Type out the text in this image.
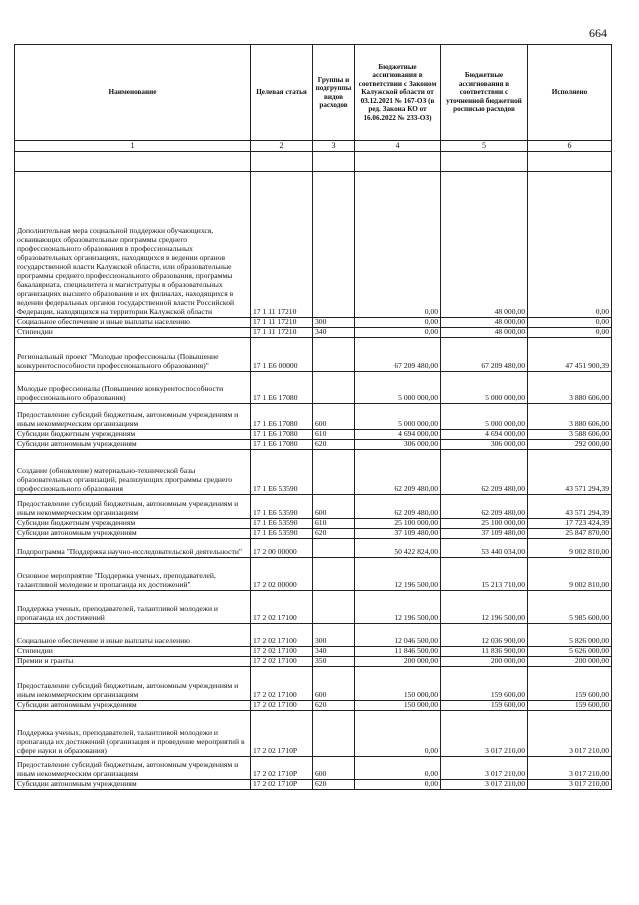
664
Наименование	Целевая статья	Группы и подгруппы видов расходов	Бюджетные ассигнования в соответствии с Законом Калужской области от 03.12.2021 № 167-ОЗ (в ред. Закона КО от 16.06.2022 № 233-ОЗ)	Бюджетные ассигнования в соответствии с уточненной бюджетной росписью расходов	Исполнено
1	2	3	4	5	6

Дополнительная мера социальной поддержки обучающихся, осваивающих образовательные программы среднего профессионального образования в профессиональных образовательных организациях, находящихся в ведении органов государственной власти Калужской области, или образовательные программы среднего профессионального образования, программы бакалавриата, специалитета и магистратуры в образовательных организациях высшего образования и их филиалах, находящихся в ведении федеральных органов государственной власти Российской Федерации, находящихся на территории Калужской области	17 1 11 17210		0,00	48 000,00	0,00
Социальное обеспечение и иные выплаты населению	17 1 11 17210	300	0,00	48 000,00	0,00
Стипендии	17 1 11 17210	340	0,00	48 000,00	0,00
Региональный проект "Молодые профессионалы (Повышение конкурентоспособности профессионального образования)"	17 1 Е6 00000		67 209 480,00	67 209 480,00	47 451 900,39
Молодые профессионалы (Повышение конкурентоспособности профессионального образования)	17 1 Е6 17080		5 000 000,00	5 000 000,00	3 880 606,00
Предоставление субсидий бюджетным, автономным учреждениям и иным некоммерческим организациям	17 1 Е6 17080	600	5 000 000,00	5 000 000,00	3 880 606,00
Субсидии бюджетным учреждениям	17 1 Е6 17080	610	4 694 000,00	4 694 000,00	3 588 606,00
Субсидии автономным учреждениям	17 1 Е6 17080	620	306 000,00	306 000,00	292 000,00
Создание (обновление) материально-технической базы образовательных организаций, реализующих программы среднего профессионального образования	17 1 Е6 53590		62 209 480,00	62 209 480,00	43 571 294,39
Предоставление субсидий бюджетным, автономным учреждениям и иным некоммерческим организациям	17 1 Е6 53590	600	62 209 480,00	62 209 480,00	43 571 294,39
Субсидии бюджетным учреждениям	17 1 Е6 53590	610	25 100 000,00	25 100 000,00	17 723 424,39
Субсидии автономным учреждениям	17 1 Е6 53590	620	37 109 480,00	37 109 480,00	25 847 870,00
Подпрограмма "Поддержка научно-исследовательской деятельности"	17 2 00 00000		50 422 824,00	53 440 034,00	9 002 810,00
Основное мероприятие "Поддержка ученых, преподавателей, талантливой молодежи и пропаганда их достижений"	17 2 02 00000		12 196 500,00	15 213 710,00	9 002 810,00
Поддержка ученых, преподавателей, талантливой молодежи и пропаганда их достижений	17 2 02 17100		12 196 500,00	12 196 500,00	5 985 600,00
Социальное обеспечение и иные выплаты населению	17 2 02 17100	300	12 046 500,00	12 036 900,00	5 826 000,00
Стипендии	17 2 02 17100	340	11 846 500,00	11 836 900,00	5 626 000,00
Премии и гранты	17 2 02 17100	350	200 000,00	200 000,00	200 000,00
Предоставление субсидий бюджетным, автономным учреждениям и иным некоммерческим организациям	17 2 02 17100	600	150 000,00	159 600,00	159 600,00
Субсидии автономным учреждениям	17 2 02 17100	620	150 000,00	159 600,00	159 600,00
Поддержка ученых, преподавателей, талантливой молодежи и пропаганда их достижений (организация и проведение мероприятий в сфере науки и образования)	17 2 02 1710Р		0,00	3 017 210,00	3 017 210,00
Предоставление субсидий бюджетным, автономным учреждениям и иным некоммерческим организациям	17 2 02 1710Р	600	0,00	3 017 210,00	3 017 210,00
Субсидии автономным учреждениям	17 2 02 1710Р	620	0,00	3 017 210,00	3 017 210,00
